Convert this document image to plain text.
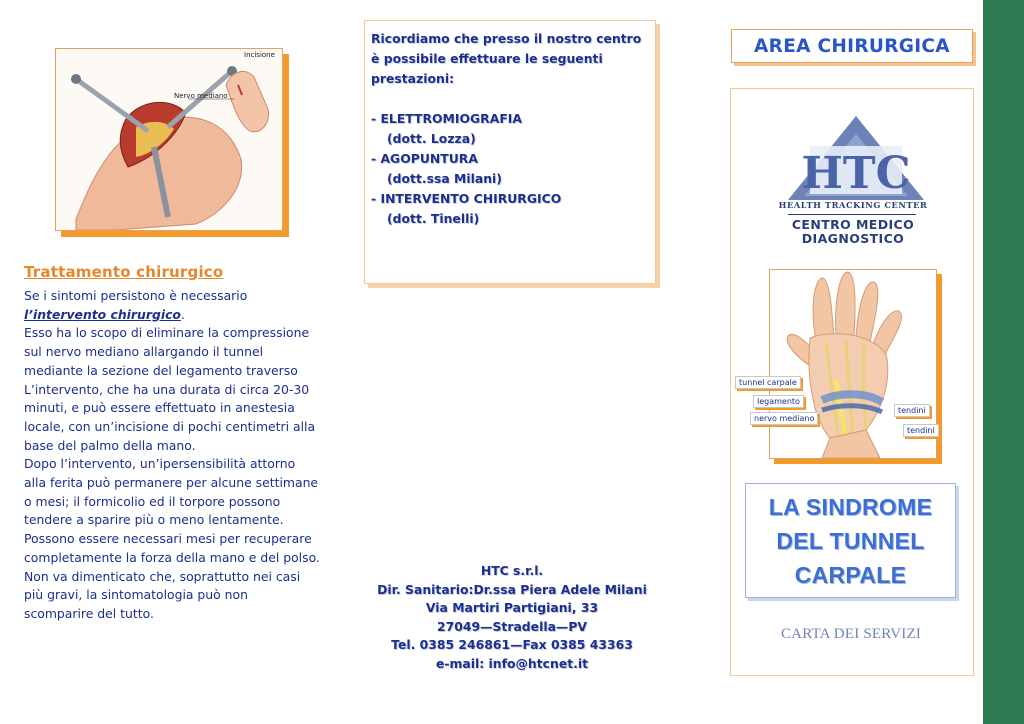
Incisione
Nervo mediano
Trattamento chirurgico
Se i sintomi persistono è necessario
l’intervento chirurgico.
Esso ha lo scopo di eliminare la compressione sul nervo mediano allargando il tunnel mediante la sezione del legamento traverso
L’intervento, che ha una durata di circa 20-30 minuti, e può essere effettuato in anestesia locale, con un’incisione di pochi centimetri alla base del palmo della mano.
Dopo l’intervento, un’ipersensibilità attorno alla ferita può permanere per alcune settimane o mesi; il formicolio ed il torpore possono tendere a sparire più o meno lentamente. Possono essere necessari mesi per recuperare completamente la forza della mano e del polso.
Non va dimenticato che, soprattutto nei casi più gravi, la sintomatologia può non scomparire del tutto.
Ricordiamo che presso il nostro centro
è possibile effettuare le seguenti
prestazioni:
- ELETTROMIOGRAFIA
(dott. Lozza)
- AGOPUNTURA
(dott.ssa Milani)
- INTERVENTO CHIRURGICO
(dott. Tinelli)
HTC s.r.l.
Dir. Sanitario:Dr.ssa Piera Adele Milani
Via Martiri Partigiani, 33
27049—Stradella—PV
Tel. 0385 246861—Fax 0385 43363
e-mail: info@htcnet.it
AREA CHIRURGICA
HTC
HEALTH TRACKING CENTER
CENTRO MEDICO
DIAGNOSTICO
tunnel carpale
legamento
nervo mediano
tendini
tendini
LA SINDROME
DEL TUNNEL
CARPALE
CARTA DEI SERVIZI
